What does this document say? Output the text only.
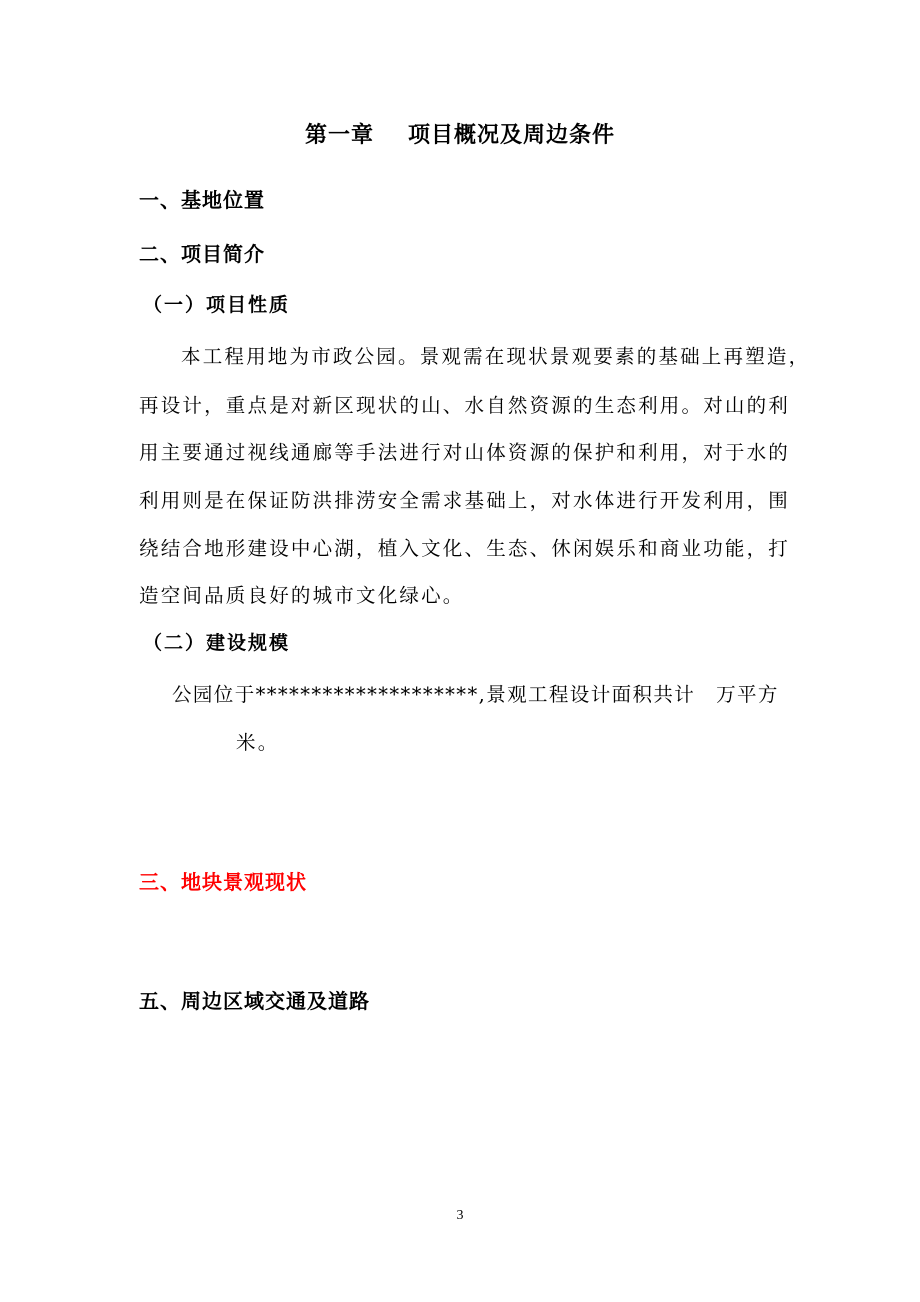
第一章 项目概况及周边条件
一、基地位置
二、项目简介
（一）项目性质
本工程用地为市政公园。景观需在现状景观要素的基础上再塑造，
再设计，重点是对新区现状的山、水自然资源的生态利用。对山的利
用主要通过视线通廊等手法进行对山体资源的保护和利用，对于水的
利用则是在保证防洪排涝安全需求基础上，对水体进行开发利用，围
绕结合地形建设中心湖，植入文化、生态、休闲娱乐和商业功能，打
造空间品质良好的城市文化绿心。
（二）建设规模
公园位于********************,景观工程设计面积共计　万平方
米。
三、地块景观现状
五、周边区域交通及道路
3
